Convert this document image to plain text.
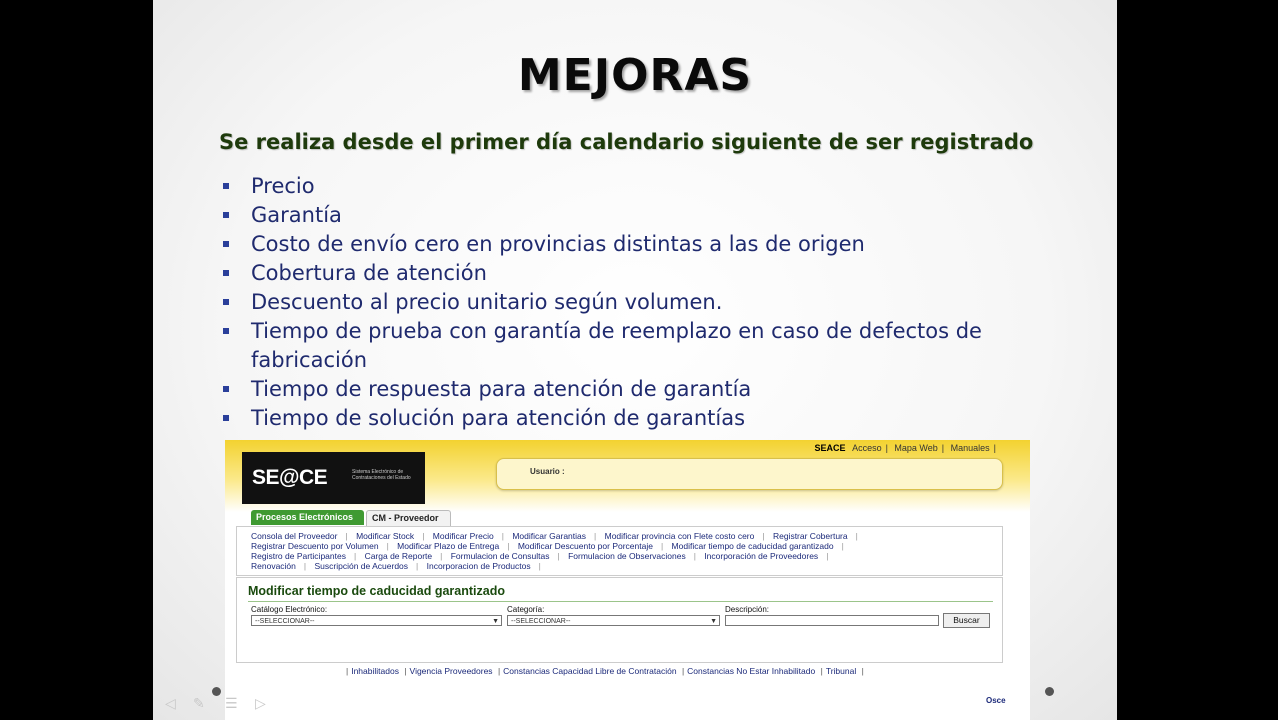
MEJORAS
Se realiza desde el primer día calendario siguiente de ser registrado
Precio
Garantía
Costo de envío cero en provincias distintas a las de origen
Cobertura de atención
Descuento al precio unitario según volumen.
Tiempo de prueba con garantía de reemplazo en caso de defectos de fabricación
Tiempo de respuesta para atención de garantía
Tiempo de solución para atención de garantías
SEACE Acceso | Mapa Web | Manuales |
SE@CE	Sistema Electrónico de Contrataciones del Estado
Usuario :
Procesos Electrónicos	CM - Proveedor
Consola del Proveedor | Modificar Stock | Modificar Precio | Modificar Garantias | Modificar provincia con Flete costo cero | Registrar Cobertura |
Registrar Descuento por Volumen | Modificar Plazo de Entrega | Modificar Descuento por Porcentaje | Modificar tiempo de caducidad garantizado |
Registro de Participantes | Carga de Reporte | Formulacion de Consultas | Formulacion de Observaciones | Incorporación de Proveedores |
Renovación | Suscripción de Acuerdos | Incorporacion de Productos |
Modificar tiempo de caducidad garantizado
Catálogo Electrónico:
--SELECCIONAR--	▼
Categoría:
--SELECCIONAR--	▼
Descripción:
Buscar
| Inhabilitados | Vigencia Proveedores | Constancias Capacidad Libre de Contratación | Constancias No Estar Inhabilitado | Tribunal |
Osce
◁ ✎ ☰ ▷
